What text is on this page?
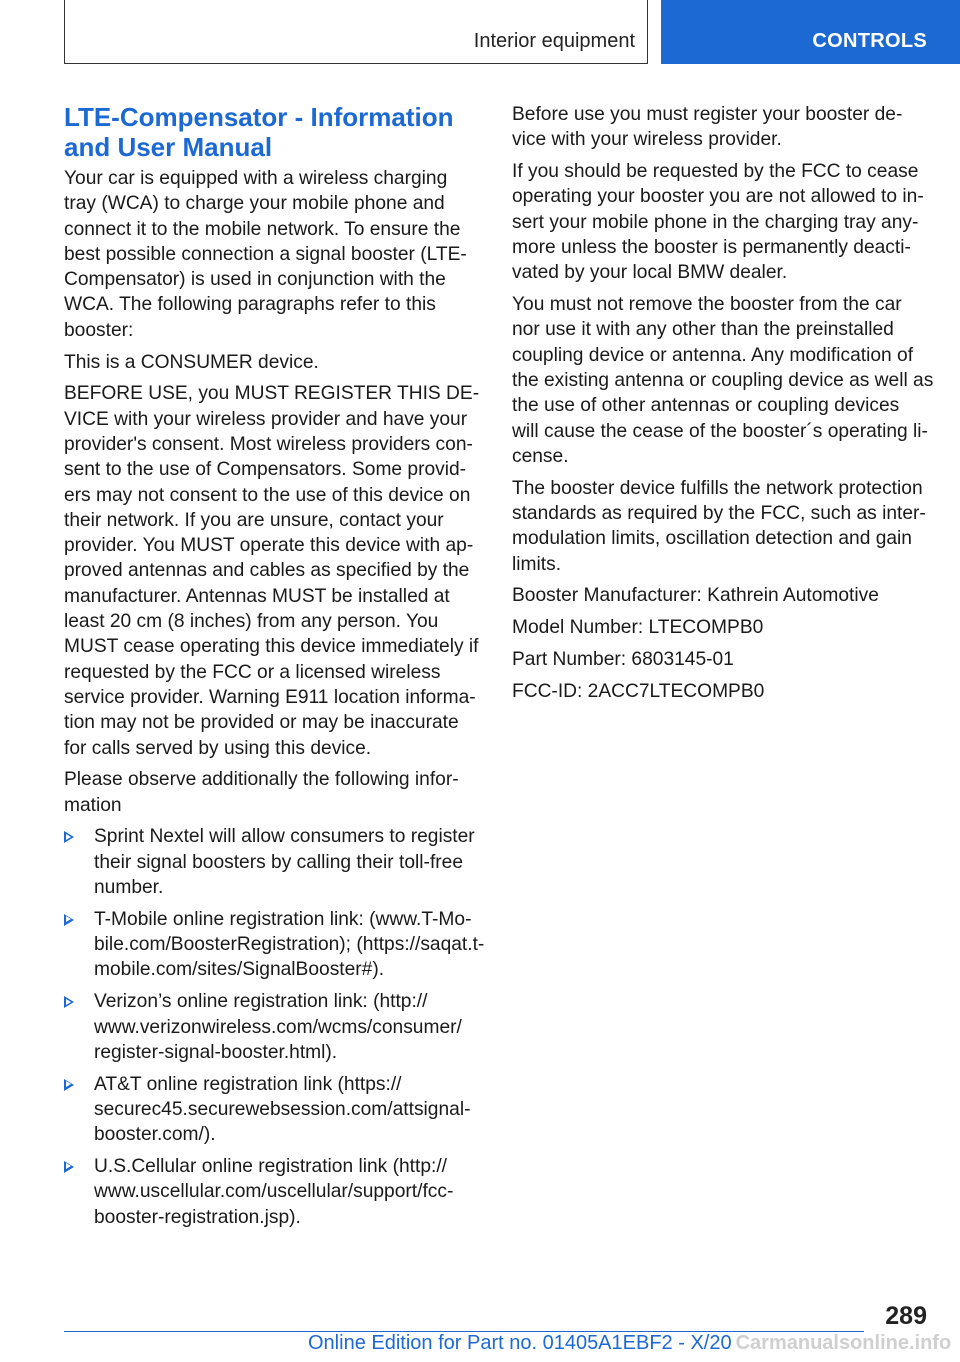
Interior equipment	CONTROLS
LTE-Compensator - Information
and User Manual

Your car is equipped with a wireless charging
tray (WCA) to charge your mobile phone and
connect it to the mobile network. To ensure the
best possible connection a signal booster (LTE-
Compensator) is used in conjunction with the
WCA. The following paragraphs refer to this
booster:

This is a CONSUMER device.

BEFORE USE, you MUST REGISTER THIS DE‐
VICE with your wireless provider and have your
provider's consent. Most wireless providers con‐
sent to the use of Compensators. Some provid‐
ers may not consent to the use of this device on
their network. If you are unsure, contact your
provider. You MUST operate this device with ap‐
proved antennas and cables as specified by the
manufacturer. Antennas MUST be installed at
least 20 cm (8 inches) from any person. You
MUST cease operating this device immediately if
requested by the FCC or a licensed wireless
service provider. Warning E911 location informa‐
tion may not be provided or may be inaccurate
for calls served by using this device.

Please observe additionally the following infor‐
mation

Sprint Nextel will allow consumers to register
their signal boosters by calling their toll-free
number.
T-Mobile online registration link: (www.T-Mo‐
bile.com/BoosterRegistration); (https://saqat.t-
mobile.com/sites/SignalBooster#).
Verizon’s online registration link: (http://
www.verizonwireless.com/wcms/consumer/
register-signal-booster.html).
AT&T online registration link (https://
securec45.securewebsession.com/attsignal-
booster.com/).
U.S.Cellular online registration link (http://
www.uscellular.com/uscellular/support/fcc-
booster-registration.jsp).

Before use you must register your booster de‐
vice with your wireless provider.

If you should be requested by the FCC to cease
operating your booster you are not allowed to in‐
sert your mobile phone in the charging tray any‐
more unless the booster is permanently deacti‐
vated by your local BMW dealer.

You must not remove the booster from the car
nor use it with any other than the preinstalled
coupling device or antenna. Any modification of
the existing antenna or coupling device as well as
the use of other antennas or coupling devices
will cause the cease of the booster´s operating li‐
cense.

The booster device fulfills the network protection
standards as required by the FCC, such as inter‐
modulation limits, oscillation detection and gain
limits.

Booster Manufacturer: Kathrein Automotive

Model Number: LTECOMPB0

Part Number: 6803145-01

FCC-ID: 2ACC7LTECOMPB0

289
Online Edition for Part no. 01405A1EBF2 - X/20 Carmanualsonline.info
